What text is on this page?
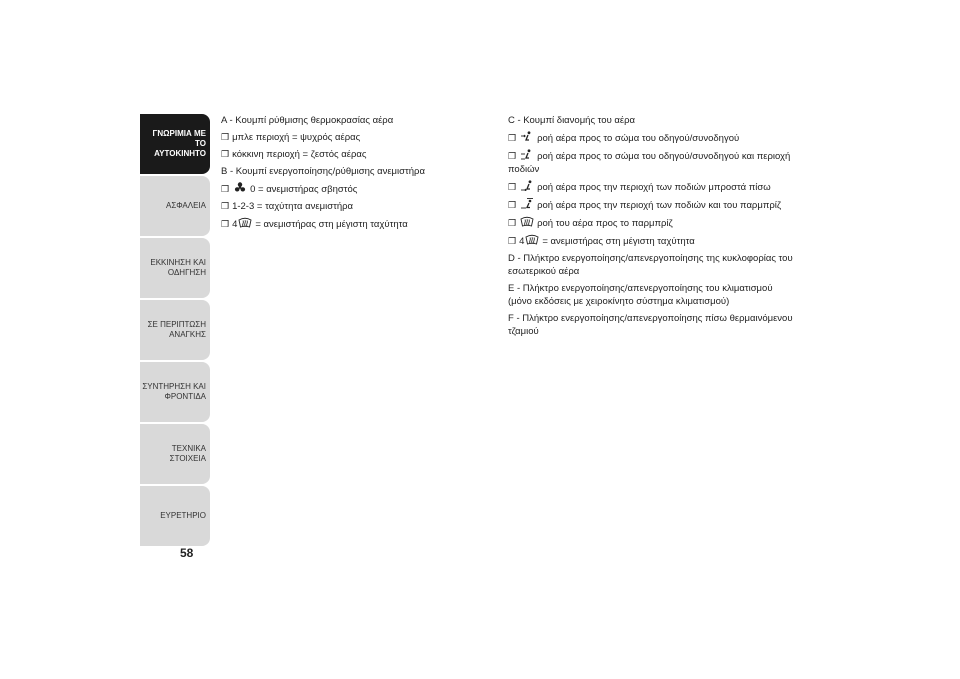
ΓΝΩΡΙΜΙΑ ΜΕ ΤΟ
ΑΥΤΟΚΙΝΗΤΟ
ΑΣΦΑΛΕΙΑ
ΕΚΚΙΝΗΣΗ ΚΑΙ
ΟΔΗΓΗΣΗ
ΣΕ ΠΕΡΙΠΤΩΣΗ
ΑΝΑΓΚΗΣ
ΣΥΝΤΗΡΗΣΗ ΚΑΙ
ΦΡΟΝΤΙΔΑ
ΤΕΧΝΙΚΑ ΣΤΟΙΧΕΙΑ
ΕΥΡΕΤΗΡΙΟ
58
A - Κουμπί ρύθμισης θερμοκρασίας αέρα
❒ μπλε περιοχή = ψυχρός αέρας
❒ κόκκινη περιοχή = ζεστός αέρας
B - Κουμπί ενεργοποίησης/ρύθμισης ανεμιστήρα
❒ 0 = ανεμιστήρας σβηστός
❒ 1-2-3 = ταχύτητα ανεμιστήρα
❒ 4 = ανεμιστήρας στη μέγιστη ταχύτητα
C - Κουμπί διανομής του αέρα
❒ ροή αέρα προς το σώμα του οδηγού/συνοδηγού
❒ ροή αέρα προς το σώμα του οδηγού/συνοδηγού και περιοχή ποδιών
❒ ροή αέρα προς την περιοχή των ποδιών μπροστά πίσω
❒ ροή αέρα προς την περιοχή των ποδιών και του παρμπρίζ
❒ ροή του αέρα προς το παρμπρίζ
❒ 4 = ανεμιστήρας στη μέγιστη ταχύτητα
D - Πλήκτρο ενεργοποίησης/απενεργοποίησης της κυκλοφορίας του εσωτερικού αέρα
E - Πλήκτρο ενεργοποίησης/απενεργοποίησης του κλιματισμού (μόνο εκδόσεις με χειροκίνητο σύστημα κλιματισμού)
F - Πλήκτρο ενεργοποίησης/απενεργοποίησης πίσω θερμαινόμενου τζαμιού
